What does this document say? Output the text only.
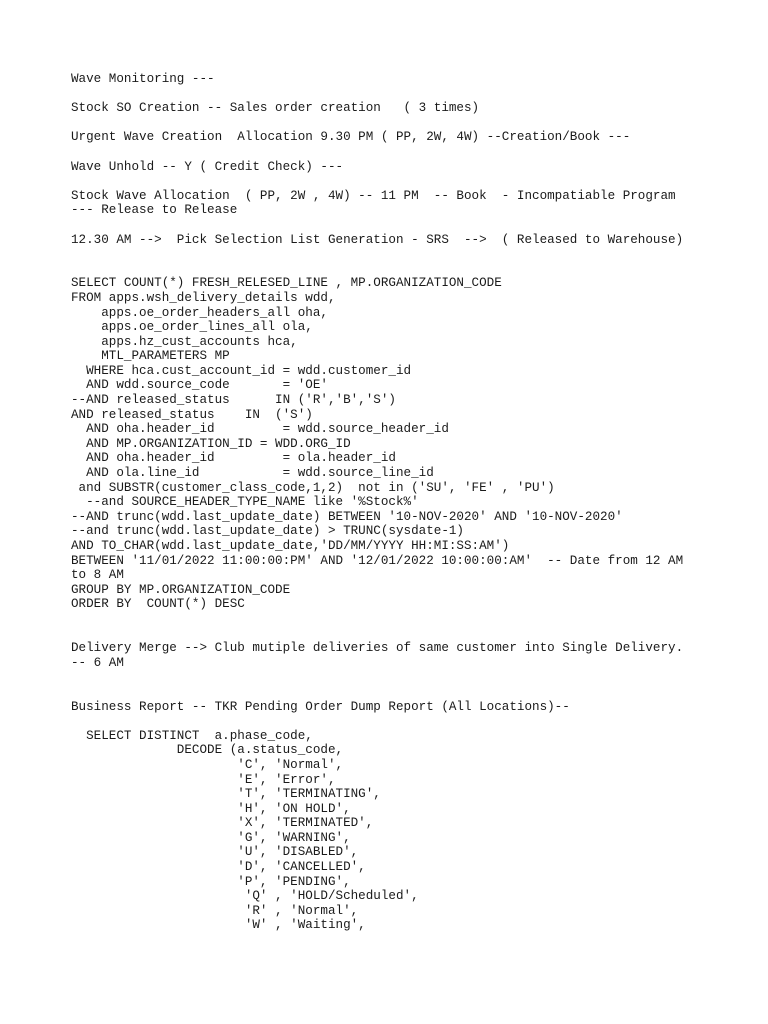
Wave Monitoring ---
Stock SO Creation -- Sales order creation   ( 3 times)
Urgent Wave Creation  Allocation 9.30 PM ( PP, 2W, 4W) --Creation/Book ---
Wave Unhold -- Y ( Credit Check) ---
Stock Wave Allocation  ( PP, 2W , 4W) -- 11 PM  -- Book  - Incompatiable Program
--- Release to Release
12.30 AM -->  Pick Selection List Generation - SRS  -->  ( Released to Warehouse)
SELECT COUNT(*) FRESH_RELESED_LINE , MP.ORGANIZATION_CODE
FROM apps.wsh_delivery_details wdd,
apps.oe_order_headers_all oha,
apps.oe_order_lines_all ola,
apps.hz_cust_accounts hca,
MTL_PARAMETERS MP
WHERE hca.cust_account_id = wdd.customer_id
AND wdd.source_code       = 'OE'
--AND released_status      IN ('R','B','S')
AND released_status    IN  ('S')
AND oha.header_id         = wdd.source_header_id
AND MP.ORGANIZATION_ID = WDD.ORG_ID
AND oha.header_id         = ola.header_id
AND ola.line_id           = wdd.source_line_id
and SUBSTR(customer_class_code,1,2)  not in ('SU', 'FE' , 'PU')
--and SOURCE_HEADER_TYPE_NAME like '%Stock%'
--AND trunc(wdd.last_update_date) BETWEEN '10-NOV-2020' AND '10-NOV-2020'
--and trunc(wdd.last_update_date) > TRUNC(sysdate-1)
AND TO_CHAR(wdd.last_update_date,'DD/MM/YYYY HH:MI:SS:AM')
BETWEEN '11/01/2022 11:00:00:PM' AND '12/01/2022 10:00:00:AM'  -- Date from 12 AM
to 8 AM
GROUP BY MP.ORGANIZATION_CODE
ORDER BY  COUNT(*) DESC
Delivery Merge --> Club mutiple deliveries of same customer into Single Delivery.
-- 6 AM
Business Report -- TKR Pending Order Dump Report (All Locations)--
SELECT DISTINCT  a.phase_code,
DECODE (a.status_code,
'C', 'Normal',
'E', 'Error',
'T', 'TERMINATING',
'H', 'ON HOLD',
'X', 'TERMINATED',
'G', 'WARNING',
'U', 'DISABLED',
'D', 'CANCELLED',
'P', 'PENDING',
'Q' , 'HOLD/Scheduled',
'R' , 'Normal',
'W' , 'Waiting',
